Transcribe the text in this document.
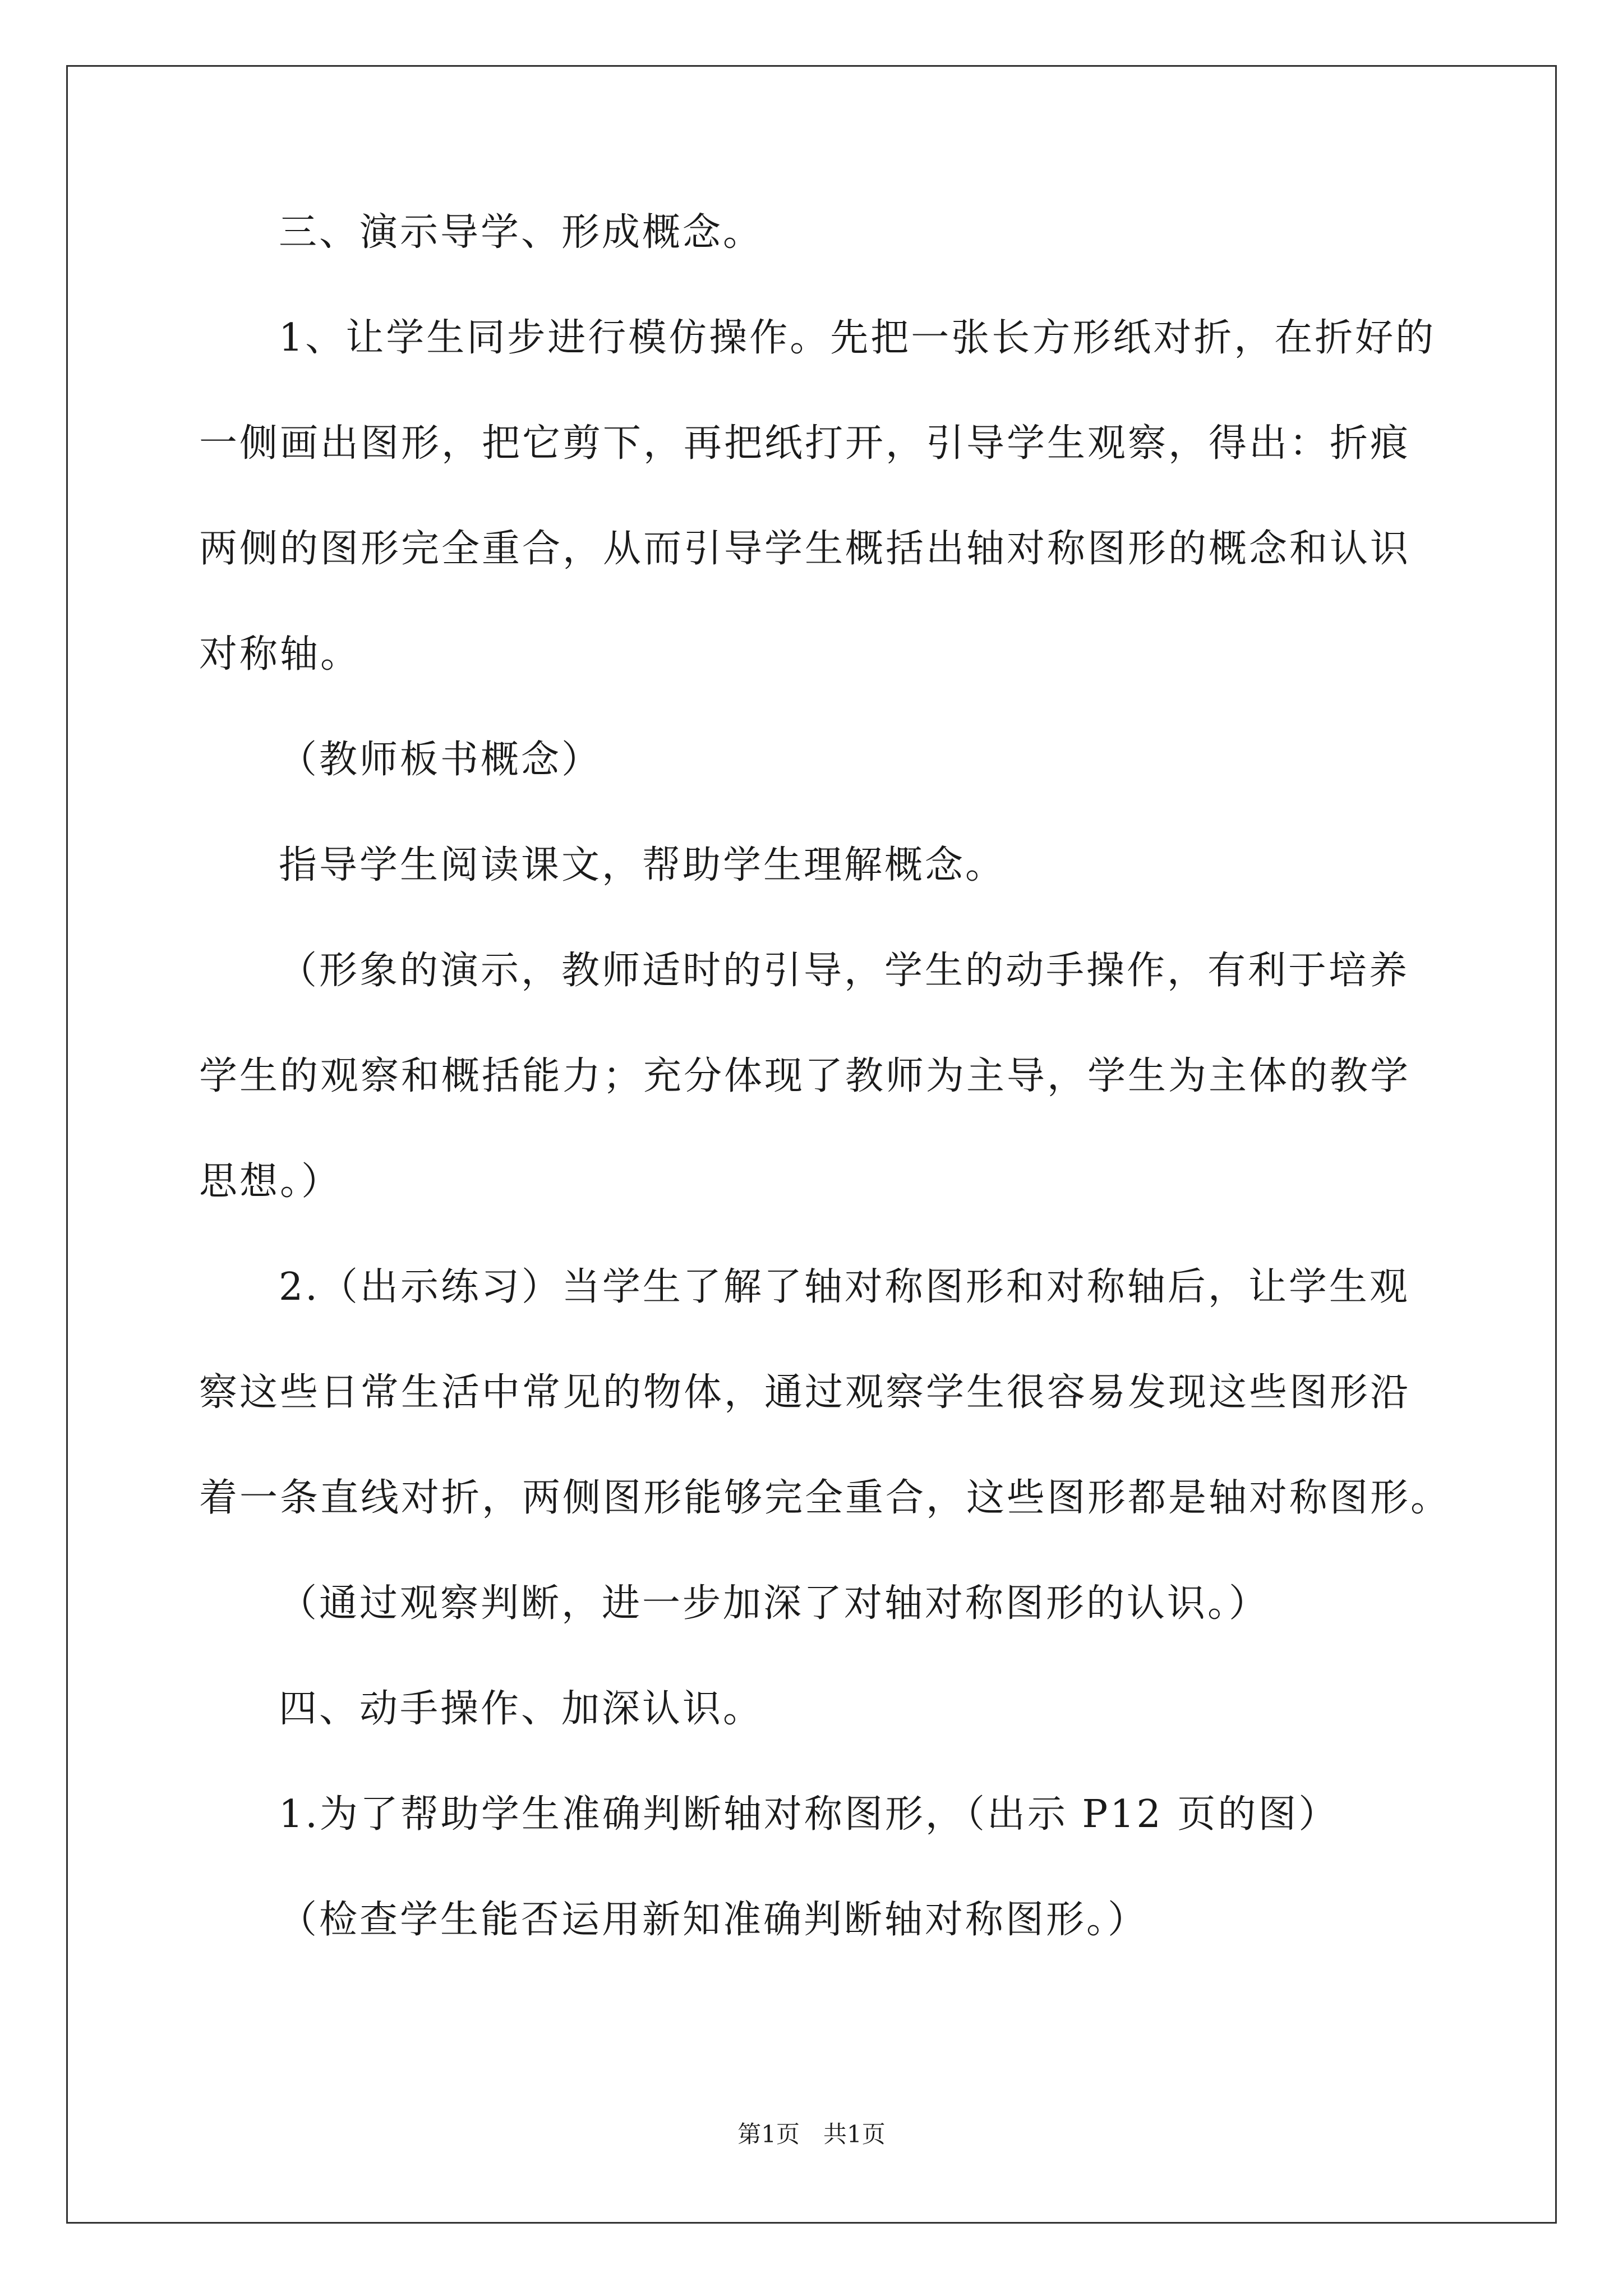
三、演示导学、形成概念。
1、让学生同步进行模仿操作。先把一张长方形纸对折，在折好的
一侧画出图形，把它剪下，再把纸打开，引导学生观察，得出：折痕
两侧的图形完全重合，从而引导学生概括出轴对称图形的概念和认识
对称轴。
（教师板书概念）
指导学生阅读课文，帮助学生理解概念。
（形象的演示，教师适时的引导，学生的动手操作，有利于培养
学生的观察和概括能力；充分体现了教师为主导，学生为主体的教学
思想。）
2.（出示练习）当学生了解了轴对称图形和对称轴后，让学生观
察这些日常生活中常见的物体，通过观察学生很容易发现这些图形沿
着一条直线对折，两侧图形能够完全重合，这些图形都是轴对称图形。
（通过观察判断，进一步加深了对轴对称图形的认识。）
四、动手操作、加深认识。
1.为了帮助学生准确判断轴对称图形，（出示 P12 页的图）
（检查学生能否运用新知准确判断轴对称图形。）
第1页　共1页
